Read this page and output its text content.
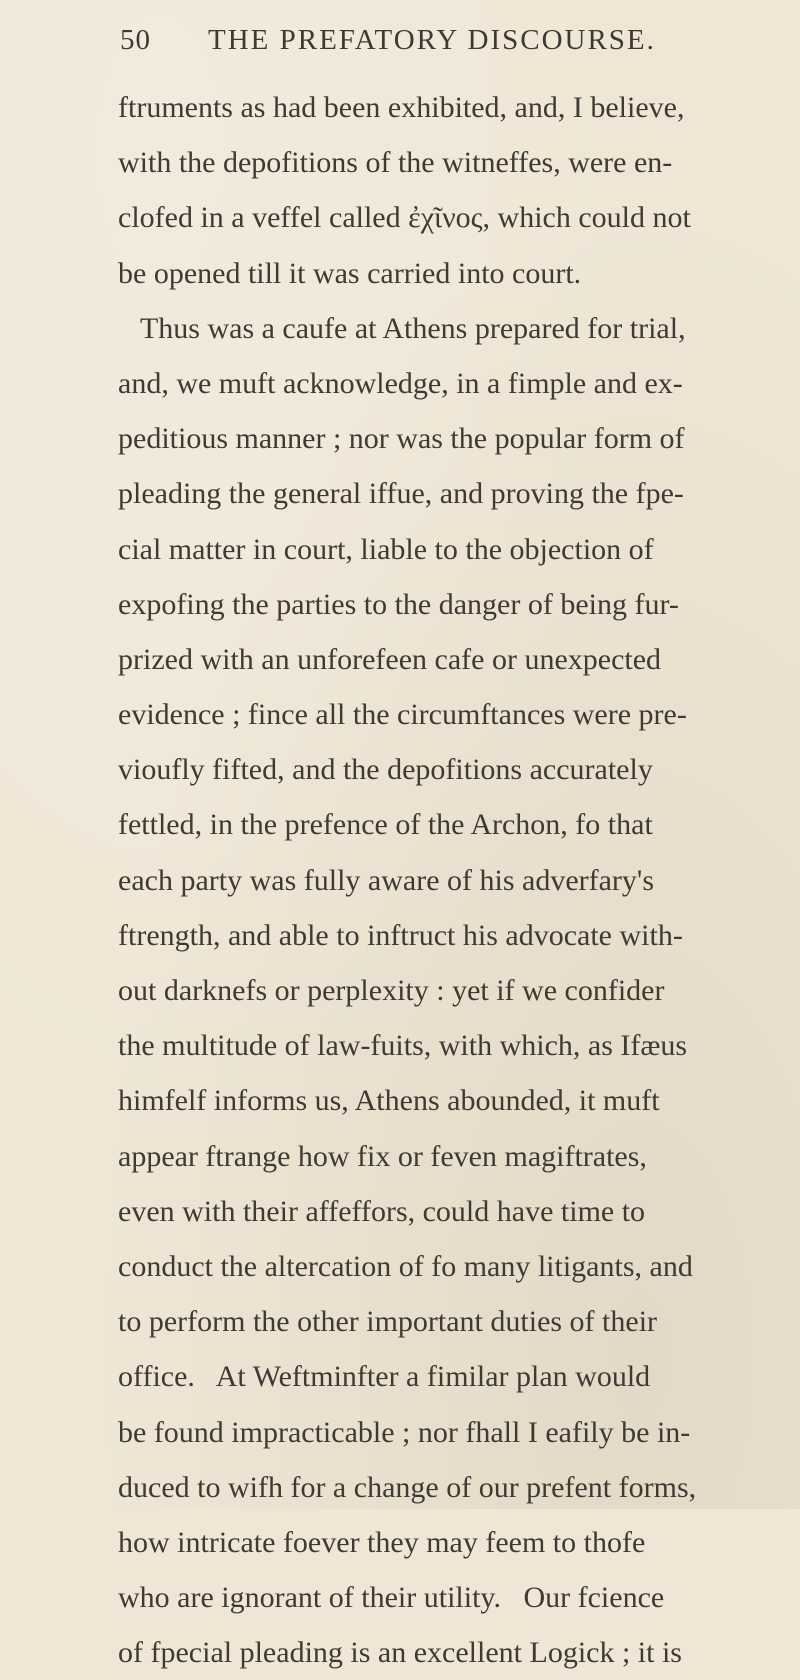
50 THE PREFATORY DISCOURSE.
ftruments as had been exhibited, and, I believe,
with the depofitions of the witneffes, were en-
clofed in a veffel called ἐχῖνος, which could not
be opened till it was carried into court.
Thus was a caufe at Athens prepared for trial,
and, we muft acknowledge, in a fimple and ex-
peditious manner ; nor was the popular form of
pleading the general iffue, and proving the fpe-
cial matter in court, liable to the objection of
expofing the parties to the danger of being fur-
prized with an unforefeen cafe or unexpected
evidence ; fince all the circumftances were pre-
vioufly fifted, and the depofitions accurately
fettled, in the prefence of the Archon, fo that
each party was fully aware of his adverfary's
ftrength, and able to inftruct his advocate with-
out darknefs or perplexity : yet if we confider
the multitude of law-fuits, with which, as Ifæus
himfelf informs us, Athens abounded, it muft
appear ftrange how fix or feven magiftrates,
even with their affeffors, could have time to
conduct the altercation of fo many litigants, and
to perform the other important duties of their
office.   At Weftminfter a fimilar plan would
be found impracticable ; nor fhall I eafily be in-
duced to wifh for a change of our prefent forms,
how intricate foever they may feem to thofe
who are ignorant of their utility.   Our fcience
of fpecial pleading is an excellent Logick ; it is
